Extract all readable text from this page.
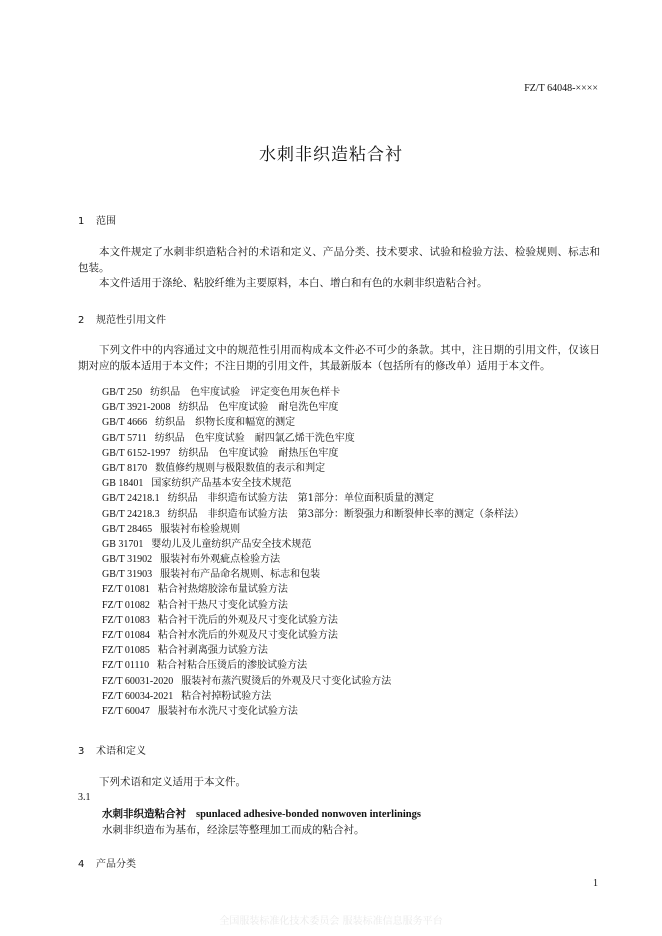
FZ/T 64048-××××
水刺非织造粘合衬
1 范围
本文件规定了水刺非织造粘合衬的术语和定义、产品分类、技术要求、试验和检验方法、检验规则、标志和包装。
本文件适用于涤纶、粘胶纤维为主要原料，本白、增白和有色的水刺非织造粘合衬。
2 规范性引用文件
下列文件中的内容通过文中的规范性引用而构成本文件必不可少的条款。其中，注日期的引用文件，仅该日期对应的版本适用于本文件；不注日期的引用文件，其最新版本（包括所有的修改单）适用于本文件。
GB/T 250 纺织品　色牢度试验　评定变色用灰色样卡
GB/T 3921-2008 纺织品　色牢度试验　耐皂洗色牢度
GB/T 4666 纺织品　织物长度和幅宽的测定
GB/T 5711 纺织品　色牢度试验　耐四氯乙烯干洗色牢度
GB/T 6152-1997 纺织品　色牢度试验　耐热压色牢度
GB/T 8170 数值修约规则与极限数值的表示和判定
GB 18401 国家纺织产品基本安全技术规范
GB/T 24218.1 纺织品　非织造布试验方法　第1部分：单位面积质量的测定
GB/T 24218.3 纺织品　非织造布试验方法　第3部分：断裂强力和断裂伸长率的测定（条样法）
GB/T 28465 服装衬布检验规则
GB 31701 婴幼儿及儿童纺织产品安全技术规范
GB/T 31902 服装衬布外观疵点检验方法
GB/T 31903 服装衬布产品命名规则、标志和包装
FZ/T 01081 粘合衬热熔胶涂布量试验方法
FZ/T 01082 粘合衬干热尺寸变化试验方法
FZ/T 01083 粘合衬干洗后的外观及尺寸变化试验方法
FZ/T 01084 粘合衬水洗后的外观及尺寸变化试验方法
FZ/T 01085 粘合衬剥离强力试验方法
FZ/T 01110 粘合衬粘合压烫后的渗胶试验方法
FZ/T 60031-2020 服装衬布蒸汽熨烫后的外观及尺寸变化试验方法
FZ/T 60034-2021 粘合衬掉粉试验方法
FZ/T 60047 服装衬布水洗尺寸变化试验方法
3 术语和定义
下列术语和定义适用于本文件。
3.1
水刺非织造粘合衬 spunlaced adhesive-bonded nonwoven interlinings
水刺非织造布为基布，经涂层等整理加工而成的粘合衬。
4 产品分类
1
全国服装标准化技术委员会 服装标准信息服务平台
